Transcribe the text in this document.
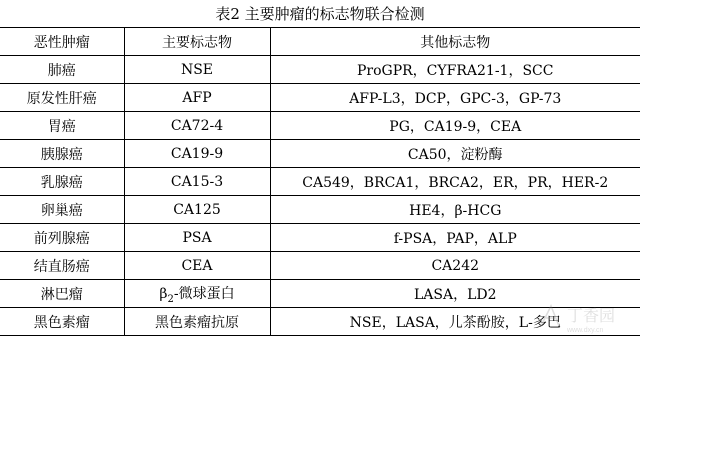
表2 主要肿瘤的标志物联合检测
恶性肿瘤	主要标志物	其他标志物
肺癌	NSE	ProGPR，CYFRA21-1，SCC
原发性肝癌	AFP	AFP-L3，DCP，GPC-3，GP-73
胃癌	CA72-4	PG，CA19-9，CEA
胰腺癌	CA19-9	CA50，淀粉酶
乳腺癌	CA15-3	CA549，BRCA1，BRCA2，ER，PR，HER-2
卵巢癌	CA125	HE4，β-HCG
前列腺癌	PSA	f-PSA，PAP，ALP
结直肠癌	CEA	CA242
淋巴瘤	$\beta_2-$微球蛋白	LASA，LD2
黑色素瘤	黑色素瘤抗原	NSE，LASA，儿茶酚胺，L-多巴 丁香园
www.dxy.cn
